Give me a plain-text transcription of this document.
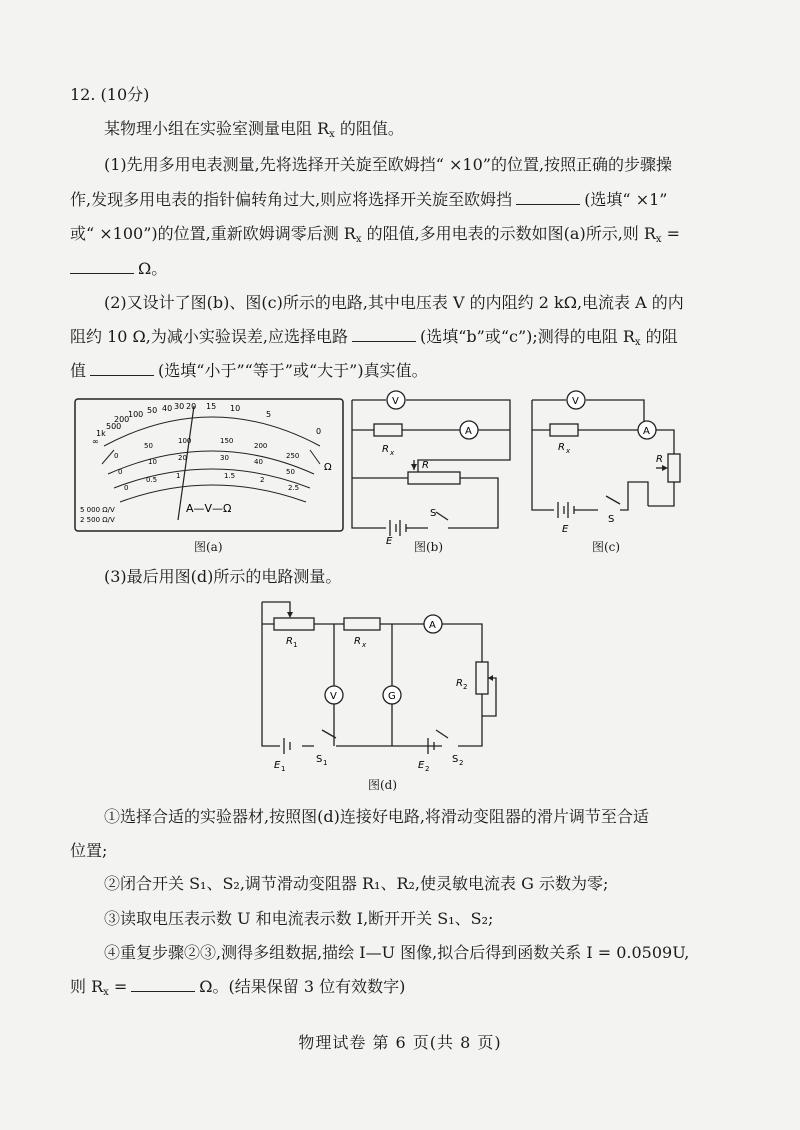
12. (10分)
某物理小组在实验室测量电阻 $R_x$ 的阻值。
(1)先用多用电表测量,先将选择开关旋至欧姆挡“ ×10”的位置,按照正确的步骤操
作,发现多用电表的指针偏转角过大,则应将选择开关旋至欧姆挡	(选填“ ×1”
或“ ×100”)的位置,重新欧姆调零后测 $R_x$ 的阻值,多用电表的示数如图(a)所示,则 $R_x$ =
Ω。
(2)又设计了图(b)、图(c)所示的电路,其中电压表 V 的内阻约 2 kΩ,电流表 A 的内
阻约 10 Ω,为减小实验误差,应选择电路	(选填“b”或“c”);测得的电阻 $R_x$ 的阻
值	(选填“小于”“等于”或“大于”)真实值。
∞
1k
500
200
100 50 40 30 20 15 10
5
0
0
50
100	150
200
250
0
10	20	30	40
50
0
0.5	1	1.5	2
2.5
A—V—Ω
5 000 Ω/V
2 500 Ω/V
Ω
图(a)
V
A
R x
R
E
S
图(b)
V
A
R x
R
E
S
图(c)
(3)最后用图(d)所示的电路测量。
A
V	G
R 1	R x
R 2
E 1
S 1	E 2
S 2
图(d)
①选择合适的实验器材,按照图(d)连接好电路,将滑动变阻器的滑片调节至合适
位置;
②闭合开关 S₁、S₂,调节滑动变阻器 R₁、R₂,使灵敏电流表 G 示数为零;
③读取电压表示数 U 和电流表示数 I,断开开关 S₁、S₂;
④重复步骤②③,测得多组数据,描绘 I—U 图像,拟合后得到函数关系 I = 0.0509U,
则 $R_x$ =	Ω。(结果保留 3 位有效数字)
物理试卷 第 6 页(共 8 页)
